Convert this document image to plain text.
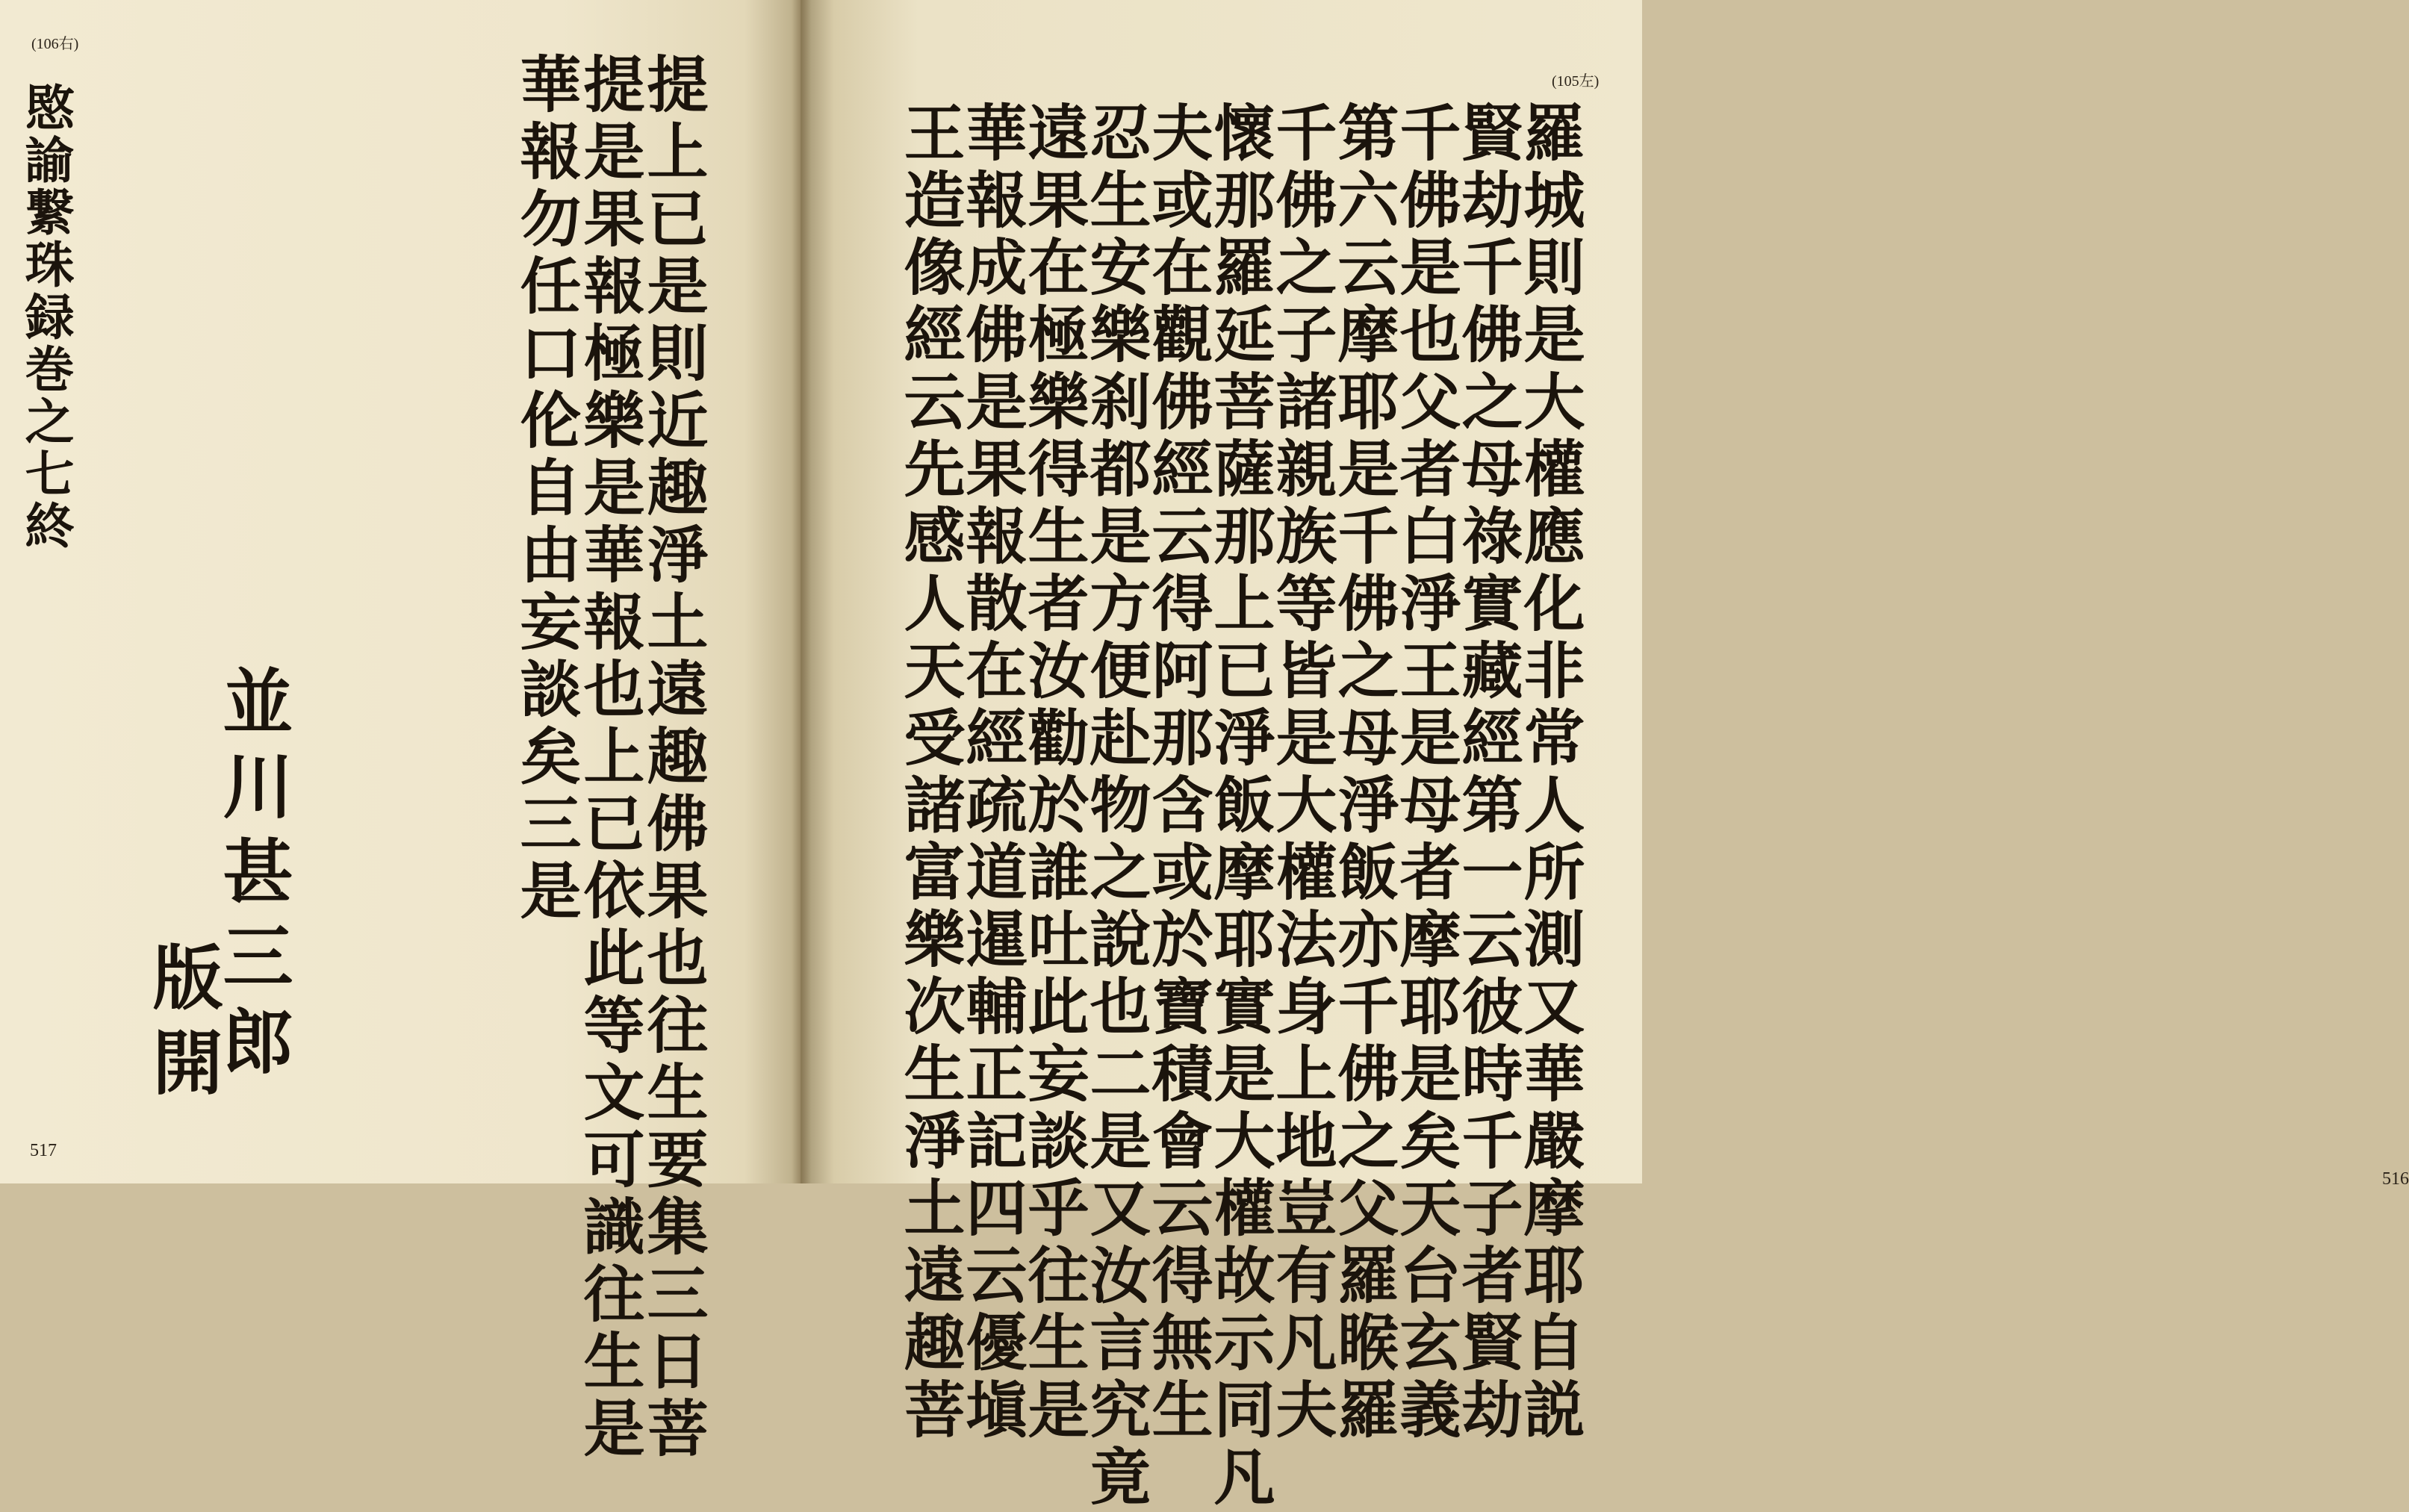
(106右)
愍諭繋珠録巻之七終	提上已是則近趣淨土遠趣佛果也往生要集三日菩
提是果報極樂是華報也上已依此等文可識往生是
華報勿任口伦自由妄談矣三是
並川甚三郎
版開
517	羅城則是大權應化非常人所測又華嚴摩耶自説
賢劫千佛之母祿實藏經第一云彼時千子者賢劫
千佛是也父者白淨王是母者摩耶是矣天台玄義
第六云摩耶是千佛之母淨飯亦千佛之父羅睺羅
千佛之子諸親族等皆是大權法身上地豈有凡夫
懷那羅延菩薩那上已淨飯摩耶實是大權故示同凡
夫或在觀佛經云得阿那含或於寶積會云得無生
忍生安樂刹都是方便赴物之說也二是又汝言究竟
遠果在極樂得生者汝勸於誰吐此妄談乎往生是
華報成佛是果報散在經疏道暹輔正記四云優塡
王造像經云先感人天受諸富樂次生淨土遠趣菩	516
(105左)
